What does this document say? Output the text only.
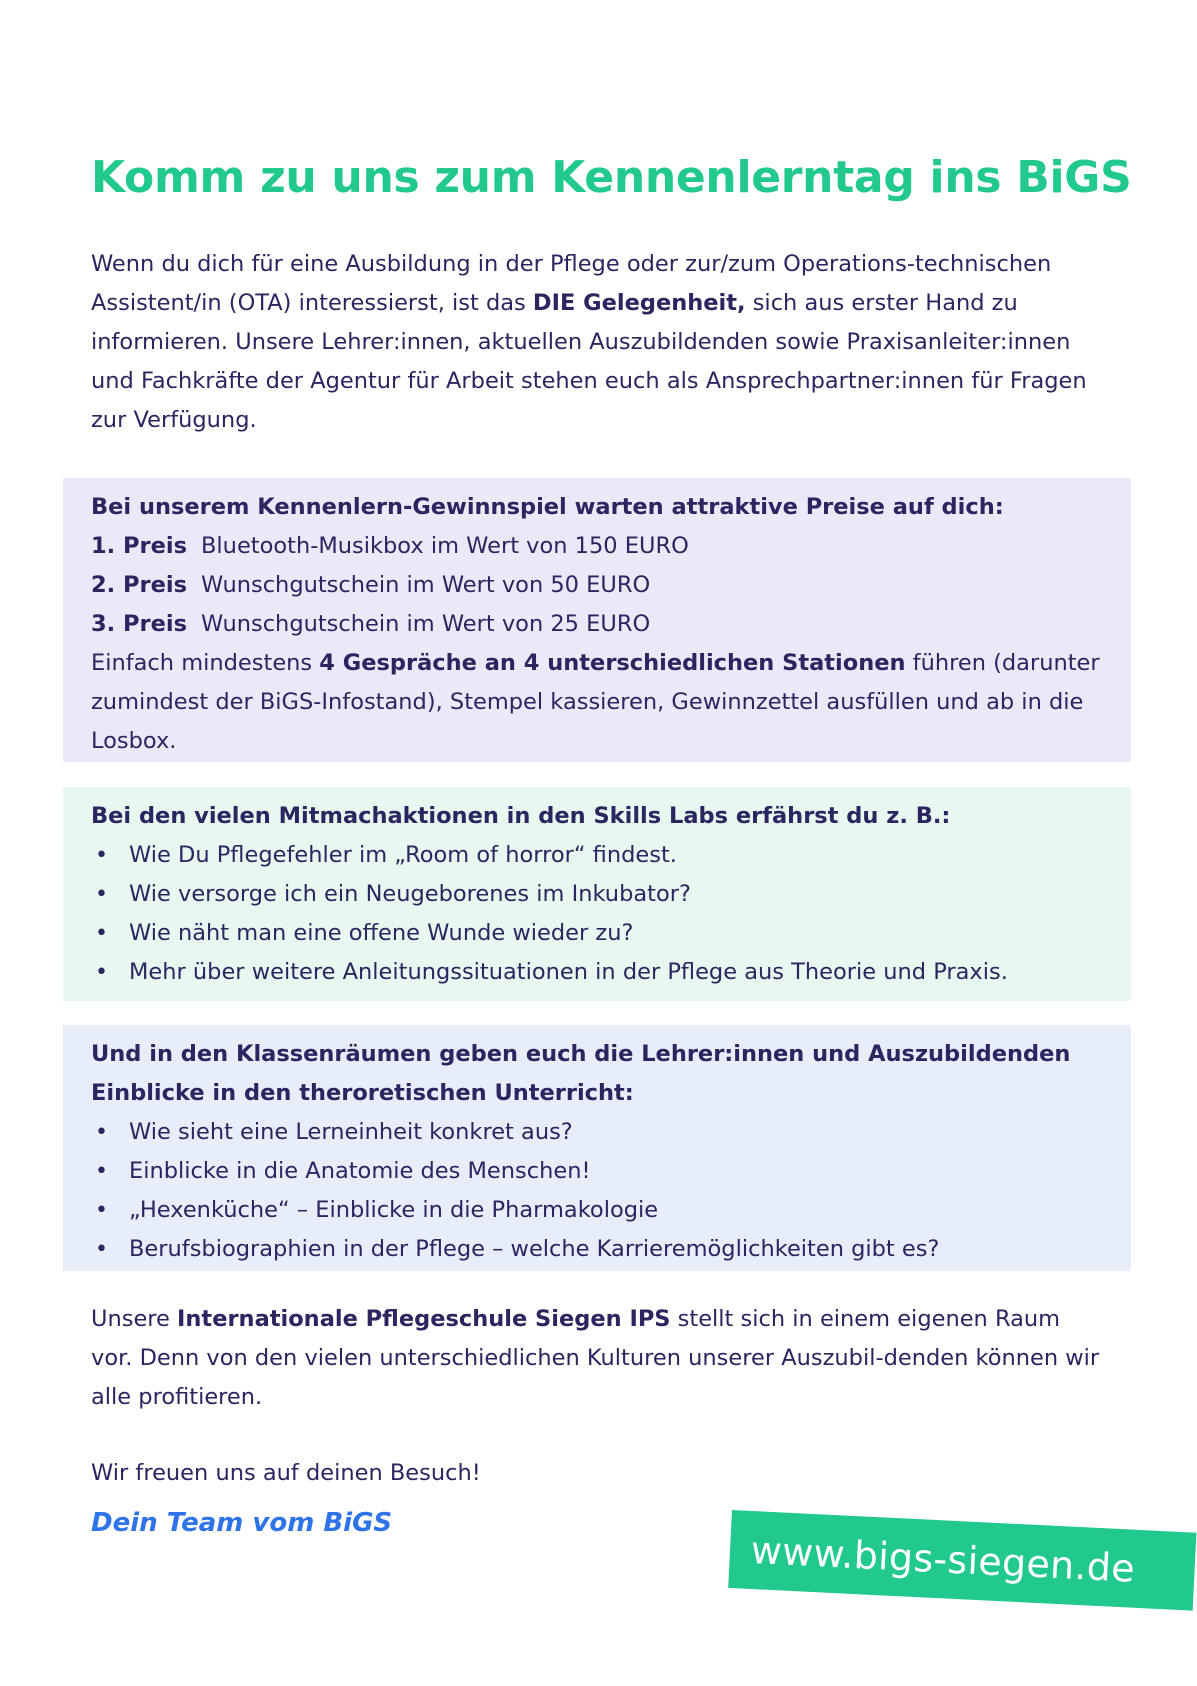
Komm zu uns zum Kennenlerntag ins BiGS

Wenn du dich für eine Ausbildung in der Pflege oder zur/zum Operations-technischen Assistent/in (OTA) interessierst, ist das DIE Gelegenheit, sich aus erster Hand zu informieren. Unsere Lehrer:innen, aktuellen Auszubildenden sowie Praxisanleiter:innen und Fachkräfte der Agentur für Arbeit stehen euch als Ansprechpartner:innen für Fragen zur Verfügung.

Bei unserem Kennenlern-Gewinnspiel warten attraktive Preise auf dich:

1. Preis Bluetooth-Musikbox im Wert von 150 EURO

2. Preis Wunschgutschein im Wert von 50 EURO

3. Preis Wunschgutschein im Wert von 25 EURO

Einfach mindestens 4 Gespräche an 4 unterschiedlichen Stationen führen (darunter zumindest der BiGS-Infostand), Stempel kassieren, Gewinnzettel ausfüllen und ab in die Losbox.

Bei den vielen Mitmachaktionen in den Skills Labs erfährst du z. B.:

• Wie Du Pflegefehler im „Room of horror“ findest.
• Wie versorge ich ein Neugeborenes im Inkubator?
• Wie näht man eine offene Wunde wieder zu?
• Mehr über weitere Anleitungssituationen in der Pflege aus Theorie und Praxis.

Und in den Klassenräumen geben euch die Lehrer:innen und Auszubildenden Einblicke in den theroretischen Unterricht:

• Wie sieht eine Lerneinheit konkret aus?
• Einblicke in die Anatomie des Menschen!
• „Hexenküche“ – Einblicke in die Pharmakologie
• Berufsbiographien in der Pflege – welche Karrieremöglichkeiten gibt es?

Unsere Internationale Pflegeschule Siegen IPS stellt sich in einem eigenen Raum vor. Denn von den vielen unterschiedlichen Kulturen unserer Auszubil-denden können wir alle profitieren.

Wir freuen uns auf deinen Besuch!

Dein Team vom BiGS

www.bigs-siegen.de
